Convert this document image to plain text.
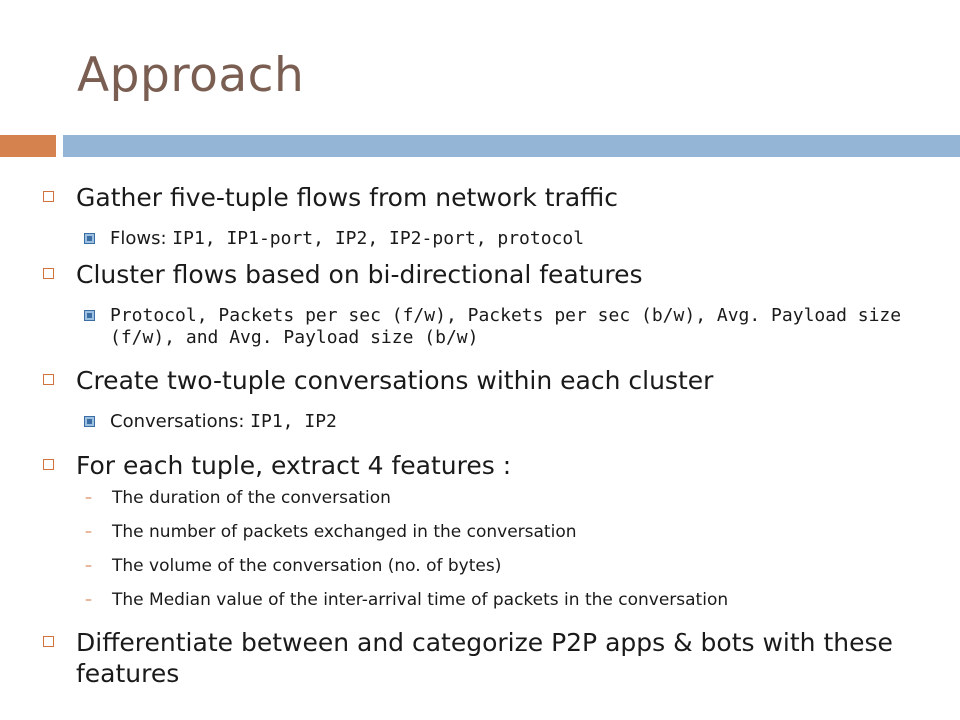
Approach
Gather five-tuple flows from network traffic
Flows: IP1, IP1-port, IP2, IP2-port, protocol
Cluster flows based on bi-directional features
Protocol, Packets per sec (f/w), Packets per sec (b/w), Avg. Payload size (f/w), and Avg. Payload size (b/w)
Create two-tuple conversations within each cluster
Conversations: IP1, IP2
For each tuple, extract 4 features :
– The duration of the conversation
– The number of packets exchanged in the conversation
– The volume of the conversation (no. of bytes)
– The Median value of the inter-arrival time of packets in the conversation
Differentiate between and categorize P2P apps & bots with these features
